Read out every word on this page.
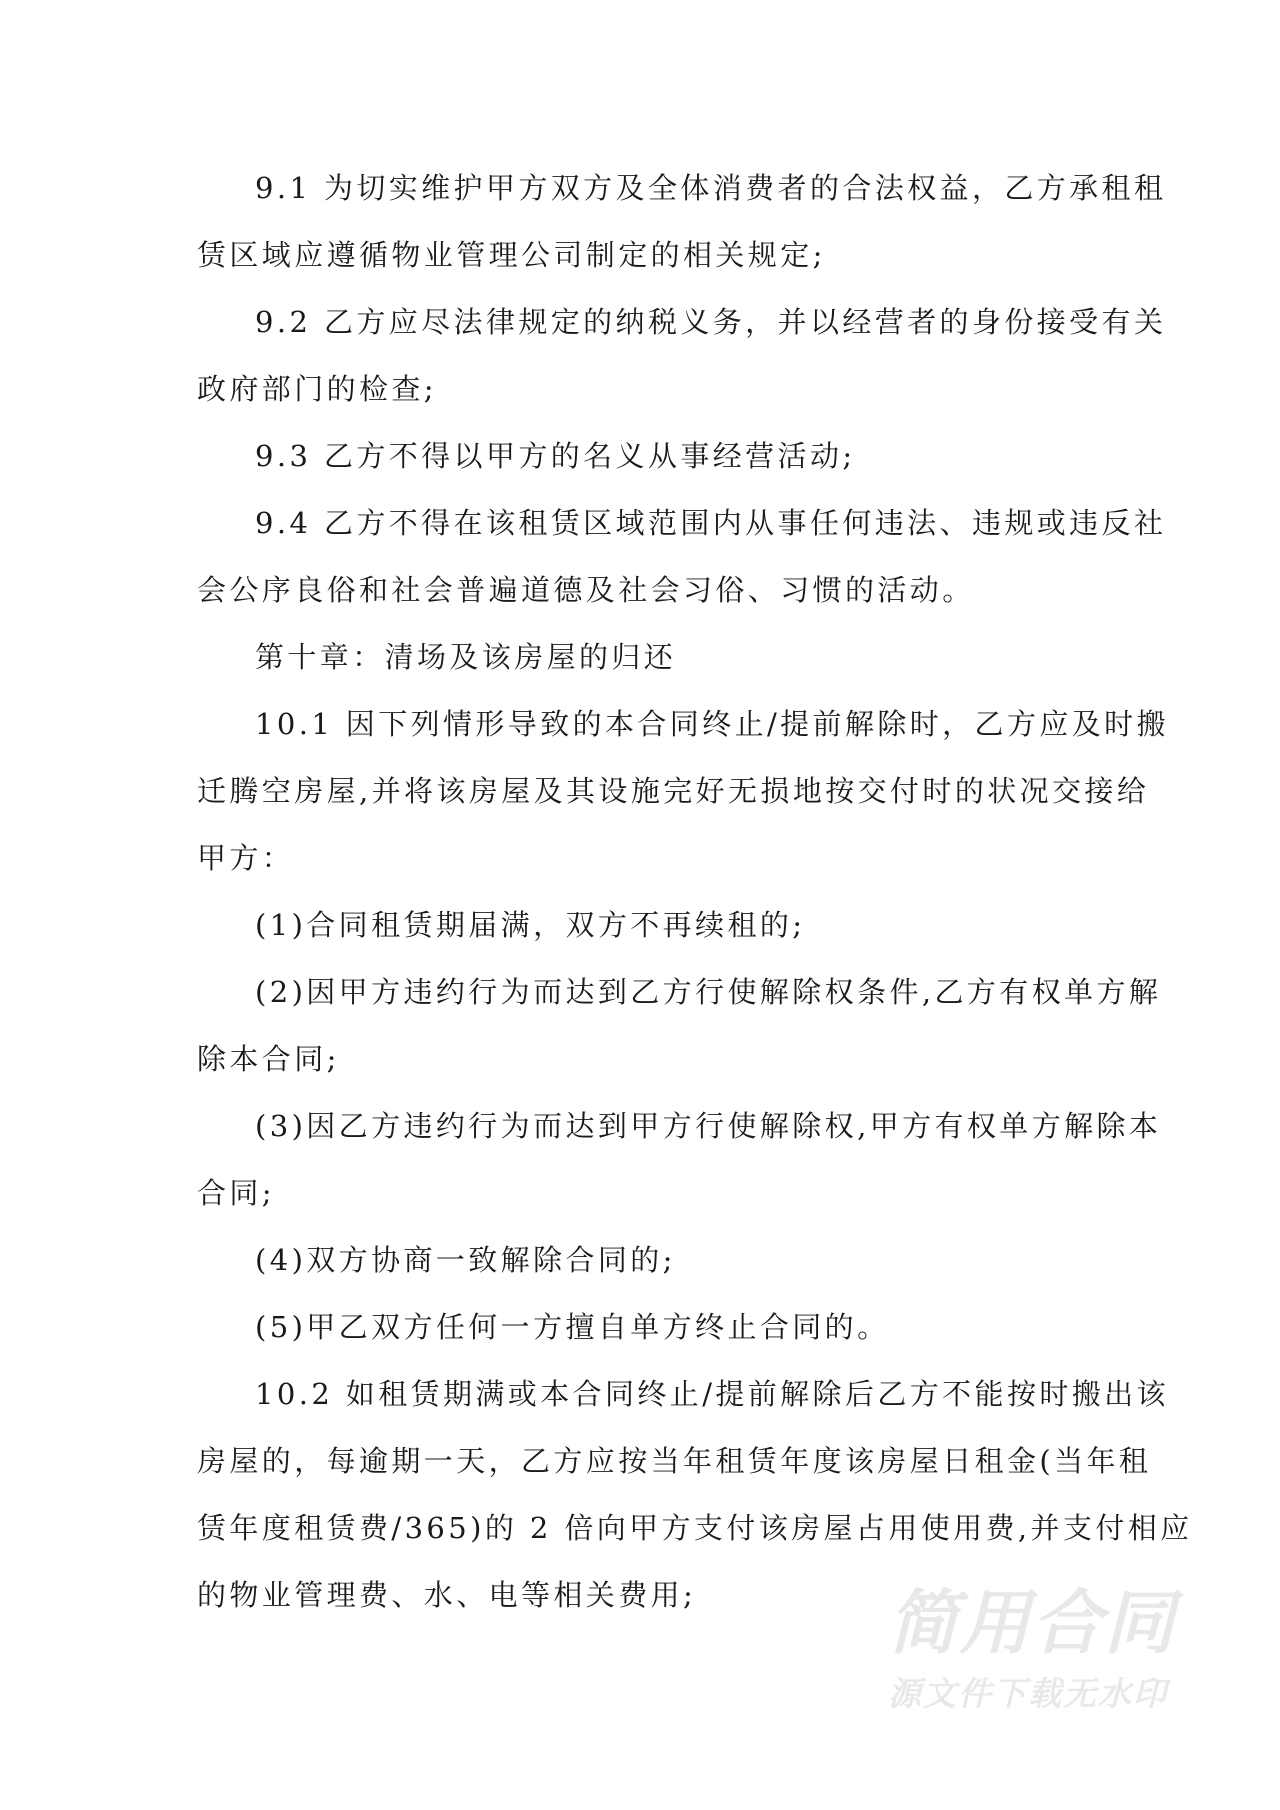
9.1 为切实维护甲方双方及全体消费者的合法权益，乙方承租租
赁区域应遵循物业管理公司制定的相关规定;
9.2 乙方应尽法律规定的纳税义务，并以经营者的身份接受有关
政府部门的检查;
9.3 乙方不得以甲方的名义从事经营活动;
9.4 乙方不得在该租赁区域范围内从事任何违法、违规或违反社
会公序良俗和社会普遍道德及社会习俗、习惯的活动。
第十章：清场及该房屋的归还
10.1 因下列情形导致的本合同终止/提前解除时，乙方应及时搬
迁腾空房屋,并将该房屋及其设施完好无损地按交付时的状况交接给
甲方：
(1)合同租赁期届满，双方不再续租的;
(2)因甲方违约行为而达到乙方行使解除权条件,乙方有权单方解
除本合同;
(3)因乙方违约行为而达到甲方行使解除权,甲方有权单方解除本
合同;
(4)双方协商一致解除合同的;
(5)甲乙双方任何一方擅自单方终止合同的。
10.2 如租赁期满或本合同终止/提前解除后乙方不能按时搬出该
房屋的，每逾期一天，乙方应按当年租赁年度该房屋日租金(当年租
赁年度租赁费/365)的 2 倍向甲方支付该房屋占用使用费,并支付相应
的物业管理费、水、电等相关费用;	简用合同
源文件下载无水印
